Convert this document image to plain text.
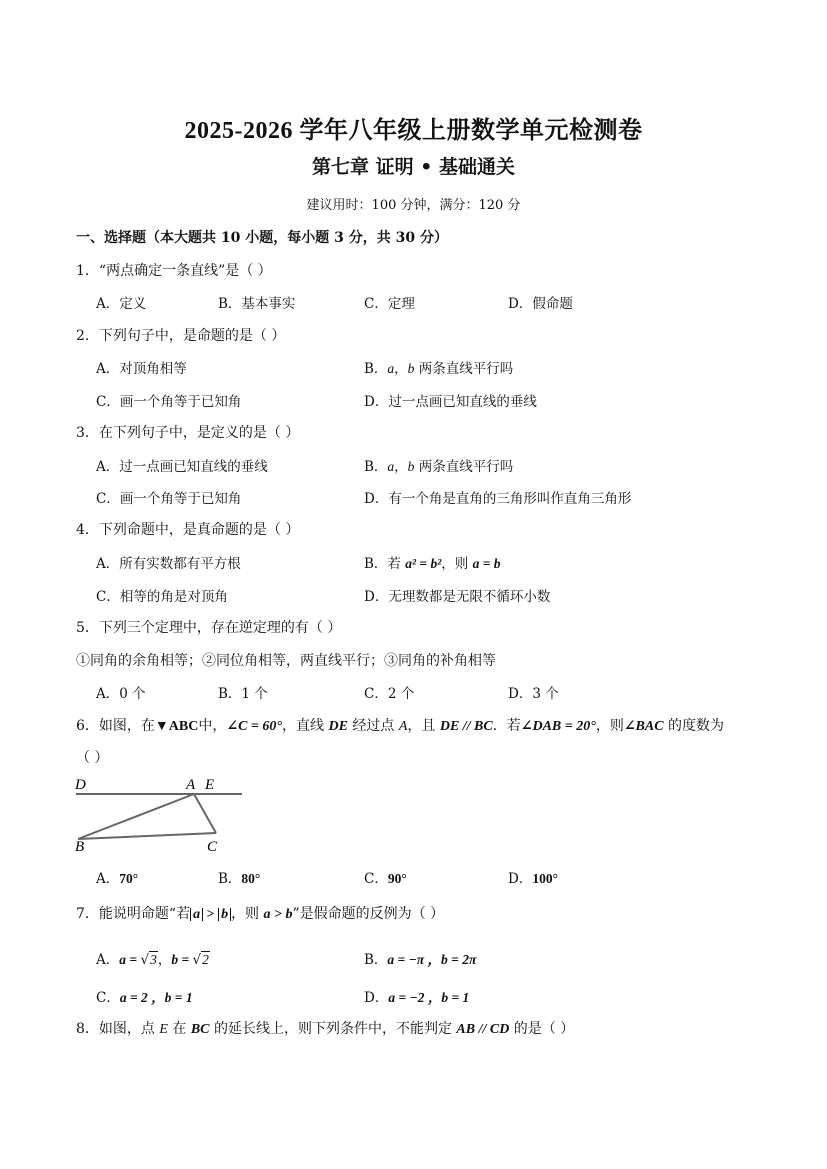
2025-2026 学年八年级上册数学单元检测卷
第七章 证明 • 基础通关
建议用时：100 分钟，满分：120 分
一、选择题（本大题共 10 小题，每小题 3 分，共 30 分）
1．“两点确定一条直线”是（ ）
A．定义	B．基本事实	C．定理	D．假命题
2．下列句子中，是命题的是（ ）
A．对顶角相等	B．a，b 两条直线平行吗
C．画一个角等于已知角	D．过一点画已知直线的垂线
3．在下列句子中，是定义的是（ ）
A．过一点画已知直线的垂线	B．a，b 两条直线平行吗
C．画一个角等于已知角	D．有一个角是直角的三角形叫作直角三角形
4．下列命题中，是真命题的是（ ）
A．所有实数都有平方根	B．若 a² = b²，则 a = b
C．相等的角是对顶角	D．无理数都是无限不循环小数
5．下列三个定理中，存在逆定理的有（ ）
①同角的余角相等；②同位角相等，两直线平行；③同角的补角相等
A．0 个	B．1 个	C．2 个	D．3 个
6．如图，在▼ABC中，∠C = 60°，直线 DE 经过点 A，且 DE // BC．若∠DAB = 20°，则∠BAC 的度数为
（ ）
D	A E
B	C
A．70°	B．80°	C．90°	D．100°
7．能说明命题“若 a > b ，则 a > b”是假命题的反例为（ ）
A．a = √3，b = √2	B．a = −π ，b = 2π
C．a = 2 ，b = 1	D．a = −2 ，b = 1
8．如图，点 E 在 BC 的延长线上，则下列条件中，不能判定 AB // CD 的是（ ）
